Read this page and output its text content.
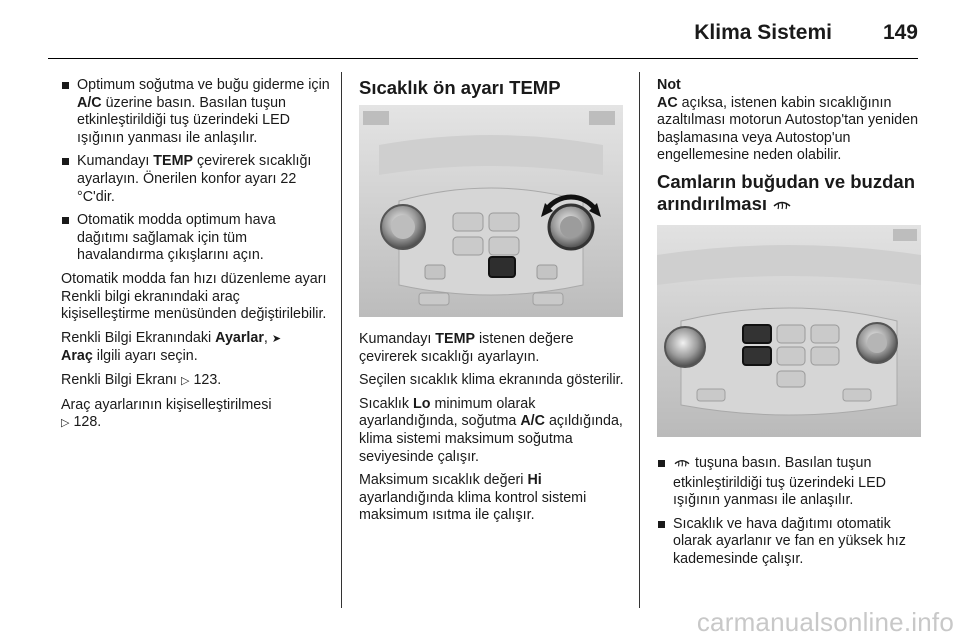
Klima Sistemi 149
Optimum soğutma ve buğu giderme için A/C üzerine basın. Basılan tuşun etkinleştirildiği tuş üzerindeki LED ışığının yanması ile anlaşılır.
Kumandayı TEMP çevirerek sıcaklığı ayarlayın. Önerilen konfor ayarı 22 °C'dir.
Otomatik modda optimum hava dağıtımı sağlamak için tüm havalandırma çıkışlarını açın.

Otomatik modda fan hızı düzenleme ayarı Renkli bilgi ekranındaki araç kişiselleştirme menüsünden değiştirilebilir.

Renkli Bilgi Ekranındaki Ayarlar, ➤
Araç ilgili ayarı seçin.

Renkli Bilgi Ekranı ▷ 123.

Araç ayarlarının kişiselleştirilmesi
▷ 128.

Sıcaklık ön ayarı TEMP

Kumandayı TEMP istenen değere çevirerek sıcaklığı ayarlayın.

Seçilen sıcaklık klima ekranında gösterilir.

Sıcaklık Lo minimum olarak ayarlandığında, soğutma A/C açıldığında, klima sistemi maksimum soğutma seviyesinde çalışır.

Maksimum sıcaklık değeri Hi ayarlandığında klima kontrol sistemi maksimum ısıtma ile çalışır.

Not

AC açıksa, istenen kabin sıcaklığının azaltılması motorun Autostop'tan yeniden başlamasına veya Autostop'un engellemesine neden olabilir.

Camların buğudan ve buzdan arındırılması
tuşuna basın. Basılan tuşun etkinleştirildiği tuş üzerindeki LED ışığının yanması ile anlaşılır.
Sıcaklık ve hava dağıtımı otomatik olarak ayarlanır ve fan en yüksek hız kademesinde çalışır.
carmanualsonline.info
